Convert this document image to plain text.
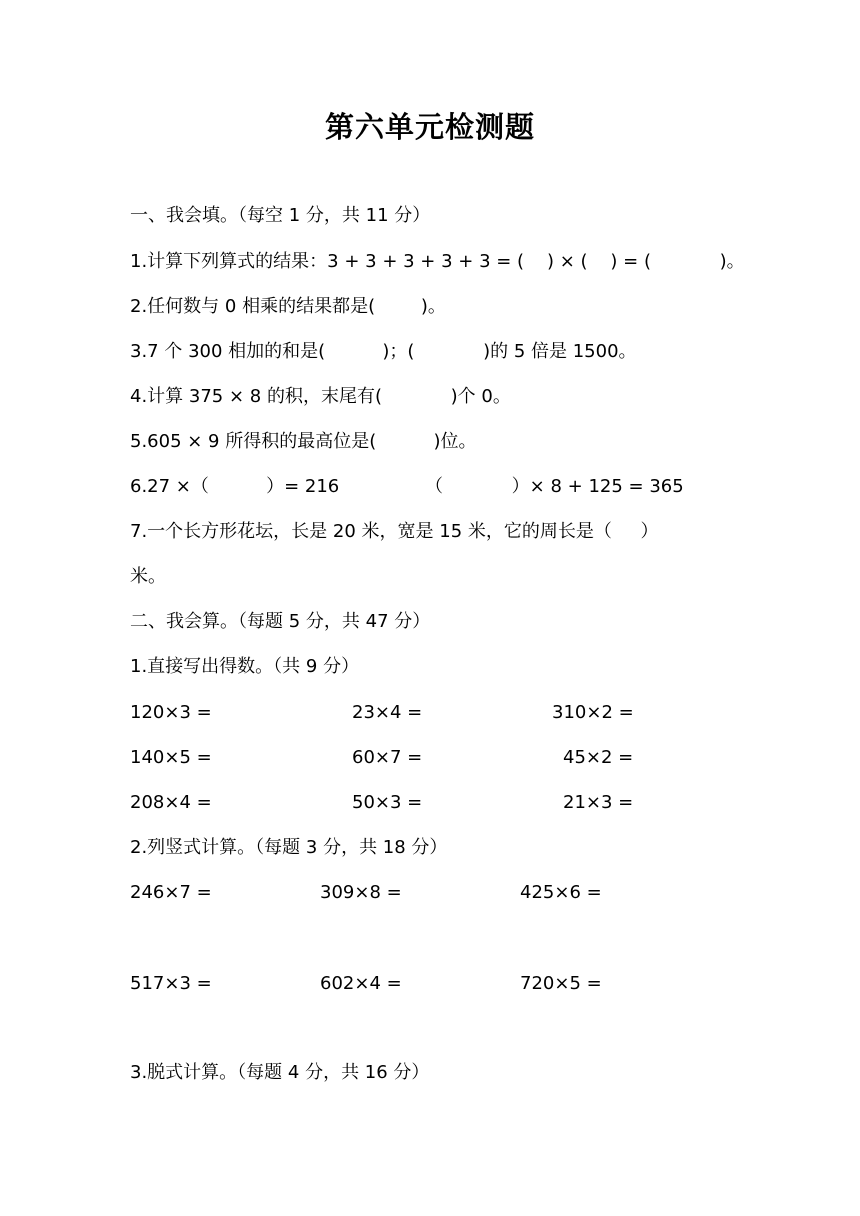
第六单元检测题
一、我会填。（每空 1 分，共 11 分）
1.计算下列算式的结果：3 + 3 + 3 + 3 + 3 = (    ) × (    ) = (            )。
2.任何数与 0 相乘的结果都是(        )。
3.7 个 300 相加的和是(          )；(            )的 5 倍是 1500。
4.计算 375 × 8 的积，末尾有(            )个 0。
5.605 × 9 所得积的最高位是(          )位。
6.27 ×（          ）= 216	（            ）× 8 + 125 = 365
7.一个长方形花坛，长是 20 米，宽是 15 米，它的周长是（     ）
米。
二、我会算。（每题 5 分，共 47 分）
1.直接写出得数。（共 9 分）
120×3 =	23×4 =	310×2 =
140×5 =	60×7 =	45×2 =
208×4 =	50×3 =	21×3 =
2.列竖式计算。（每题 3 分，共 18 分）
246×7 =	309×8 =	425×6 =
517×3 =	602×4 =	720×5 =
3.脱式计算。（每题 4 分，共 16 分）
